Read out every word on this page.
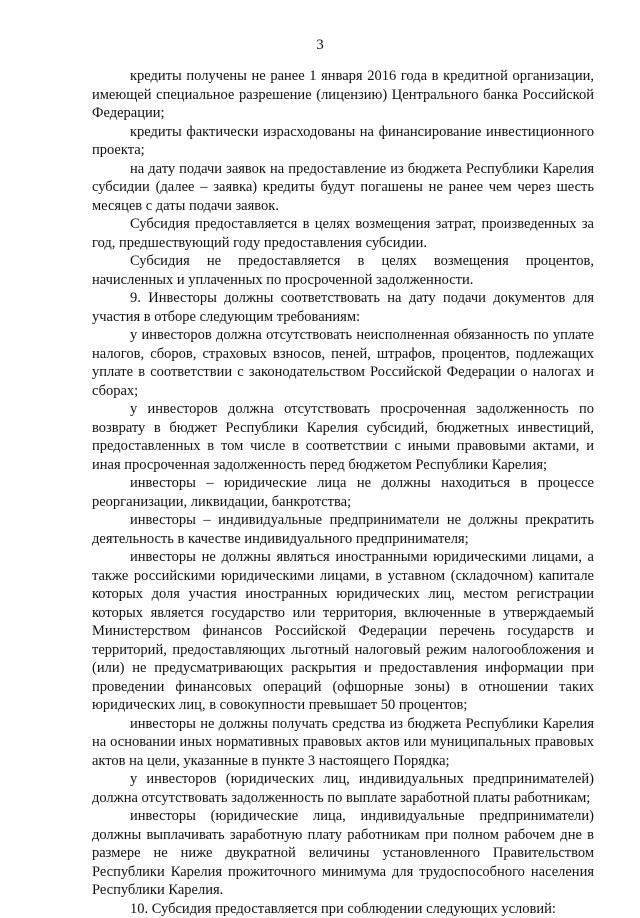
3

кредиты получены не ранее 1 января 2016 года в кредитной организации, имеющей специальное разрешение (лицензию) Центрального банка Российской Федерации;

кредиты фактически израсходованы на финансирование инвестиционного проекта;

на дату подачи заявок на предоставление из бюджета Республики Карелия субсидии (далее – заявка) кредиты будут погашены не ранее чем через шесть месяцев с даты подачи заявок.

Субсидия предоставляется в целях возмещения затрат, произведенных за год, предшествующий году предоставления субсидии.

Субсидия не предоставляется в целях возмещения процентов, начисленных и уплаченных по просроченной задолженности.

9. Инвесторы должны соответствовать на дату подачи документов для участия в отборе следующим требованиям:

у инвесторов должна отсутствовать неисполненная обязанность по уплате налогов, сборов, страховых взносов, пеней, штрафов, процентов, подлежащих уплате в соответствии с законодательством Российской Федерации о налогах и сборах;

у инвесторов должна отсутствовать просроченная задолженность по возврату в бюджет Республики Карелия субсидий, бюджетных инвестиций, предоставленных в том числе в соответствии с иными правовыми актами, и иная просроченная задолженность перед бюджетом Республики Карелия;

инвесторы – юридические лица не должны находиться в процессе реорганизации, ликвидации, банкротства;

инвесторы – индивидуальные предприниматели не должны прекратить деятельность в качестве индивидуального предпринимателя;

инвесторы не должны являться иностранными юридическими лицами, а также российскими юридическими лицами, в уставном (складочном) капитале которых доля участия иностранных юридических лиц, местом регистрации которых является государство или территория, включенные в утверждаемый Министерством финансов Российской Федерации перечень государств и территорий, предоставляющих льготный налоговый режим налогообложения и (или) не предусматривающих раскрытия и предоставления информации при проведении финансовых операций (офшорные зоны) в отношении таких юридических лиц, в совокупности превышает 50 процентов;

инвесторы не должны получать средства из бюджета Республики Карелия на основании иных нормативных правовых актов или муниципальных правовых актов на цели, указанные в пункте 3 настоящего Порядка;

у инвесторов (юридических лиц, индивидуальных предпринимателей) должна отсутствовать задолженность по выплате заработной платы работникам;

инвесторы (юридические лица, индивидуальные предприниматели) должны выплачивать заработную плату работникам при полном рабочем дне в размере не ниже двукратной величины установленного Правительством Республики Карелия прожиточного минимума для трудоспособного населения Республики Карелия.

10. Субсидия предоставляется при соблюдении следующих условий:
